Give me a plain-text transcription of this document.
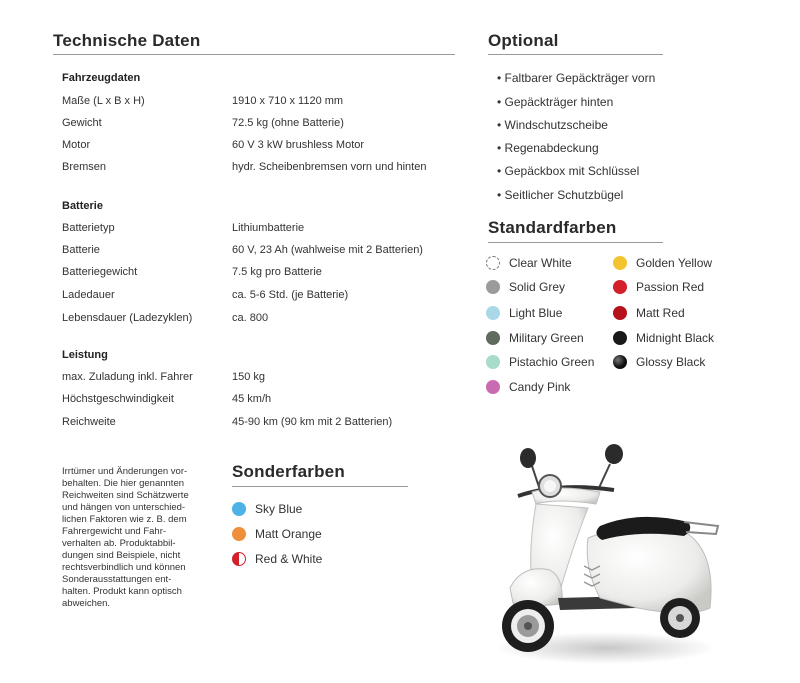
Technische Daten
Fahrzeugdaten
Maße (L x B x H)	1910 x 710 x 1120 mm
Gewicht	72.5 kg (ohne Batterie)
Motor	60 V 3 kW brushless Motor
Bremsen	hydr. Scheibenbremsen vorn und hinten
Batterie
Batterietyp	Lithiumbatterie
Batterie	60 V, 23 Ah (wahlweise mit 2 Batterien)
Batteriegewicht	7.5 kg pro Batterie
Ladedauer	ca. 5-6 Std. (je Batterie)
Lebensdauer (Ladezyklen)	ca. 800
Leistung
max. Zuladung inkl. Fahrer	150 kg
Höchstgeschwindigkeit	45 km/h
Reichweite	45-90 km (90 km mit 2 Batterien)
Irrtümer und Änderungen vor-
behalten. Die hier genannten
Reichweiten sind Schätzwerte
und hängen von unterschied-
lichen Faktoren wie z. B. dem
Fahrergewicht und Fahr-
verhalten ab. Produktabbil-
dungen sind Beispiele, nicht
rechtsverbindlich und können
Sonderausstattungen ent-
halten. Produkt kann optisch
abweichen.
Sonderfarben
Sky Blue
Matt Orange
Red & White
Optional
• Faltbarer Gepäckträger vorn
• Gepäckträger hinten
• Windschutzscheibe
• Regenabdeckung
• Gepäckbox mit Schlüssel
• Seitlicher Schutzbügel
Standardfarben
Clear White	Golden Yellow
Solid Grey	Passion Red
Light Blue	Matt Red
Military Green	Midnight Black
Pistachio Green	Glossy Black
Candy Pink
